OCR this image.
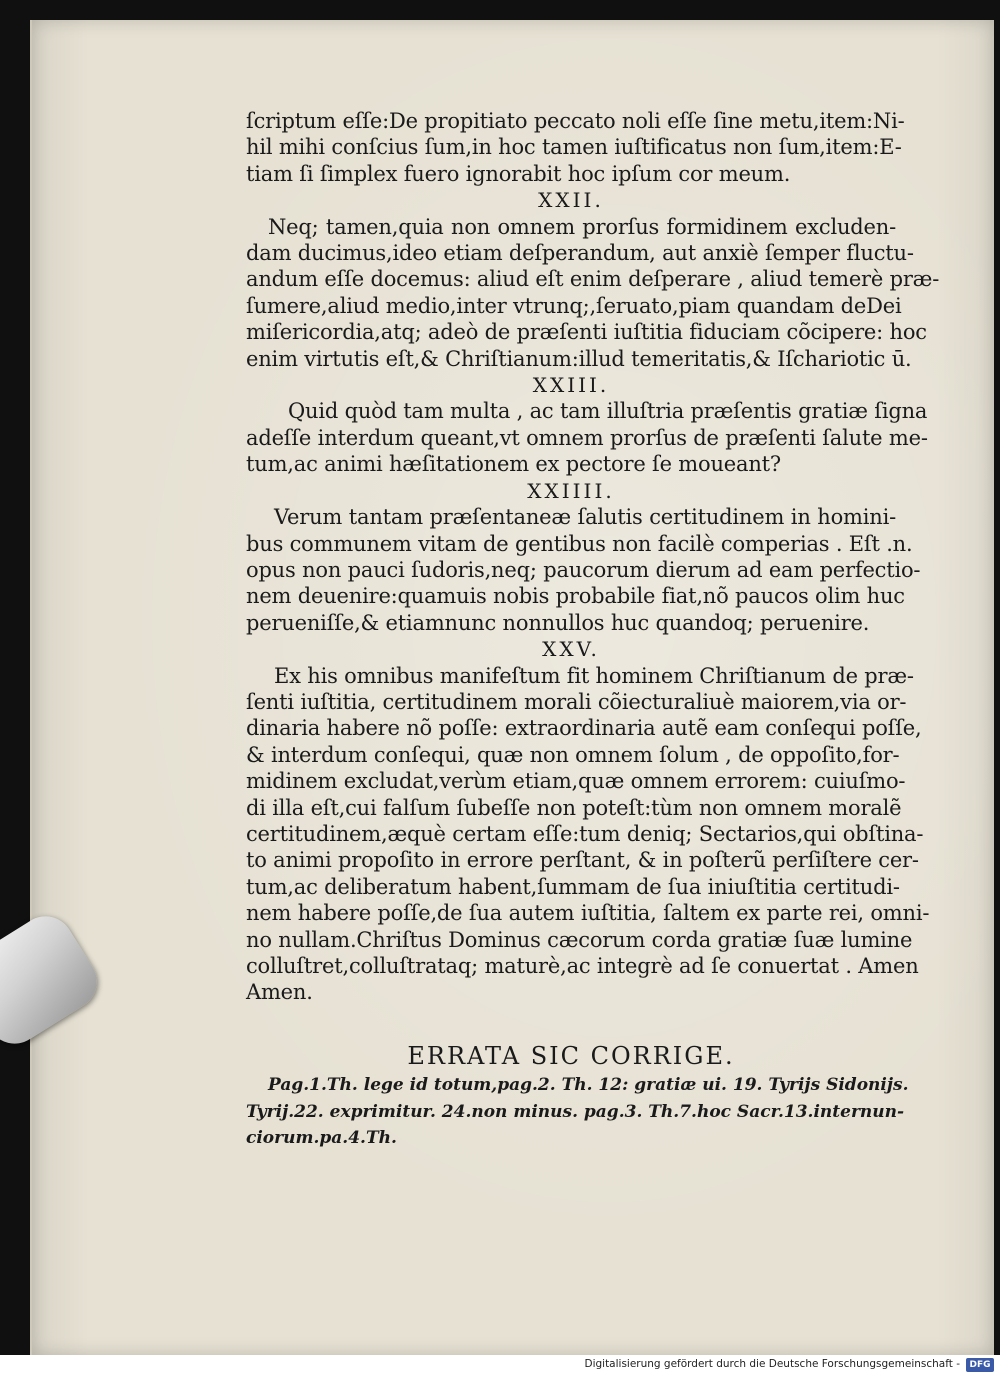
ſcriptum eſſe:De propitiato peccato noli eſſe ſine metu,item:Ni-
hil mihi conſcius ſum,in hoc tamen iuſtificatus non ſum,item:E-
tiam ſi ſimplex fuero ignorabit hoc ipſum cor meum.
XXII.
Neq; tamen,quia non omnem prorſus formidinem excluden-
dam ducimus,ideo etiam deſperandum, aut anxiè ſemper fluctu-
andum eſſe docemus: aliud eſt enim deſperare , aliud temerè præ-
ſumere,aliud medio,inter vtrunq;,ſeruato,piam quandam deDei
miſericordia,atq; adeò de præſenti iuſtitia fiduciam cõcipere: hoc
enim virtutis eſt,& Chriſtianum:illud temeritatis,& Iſchariotic ū.
XXIII.
Quid quòd tam multa , ac tam illuſtria præſentis gratiæ ſigna
adeſſe interdum queant,vt omnem prorſus de præſenti ſalute me-
tum,ac animi hæſitationem ex pectore ſe moueant?
XXIIII.
Verum tantam præſentaneæ ſalutis certitudinem in homini-
bus communem vitam de gentibus non facilè comperias . Eſt .n.
opus non pauci ſudoris,neq; paucorum dierum ad eam perfectio-
nem deuenire:quamuis nobis probabile fiat,nõ paucos olim huc
perueniſſe,& etiamnunc nonnullos huc quandoq; peruenire.
XXV.
Ex his omnibus manifeſtum fit hominem Chriſtianum de præ-
ſenti iuſtitia, certitudinem morali cõiecturaliuè maiorem,via or-
dinaria habere nõ poſſe: extraordinaria autẽ eam conſequi poſſe,
& interdum conſequi, quæ non omnem ſolum , de oppoſito,for-
midinem excludat,verùm etiam,quæ omnem errorem: cuiuſmo-
di illa eſt,cui falſum ſubeſſe non poteſt:tùm non omnem moralẽ
certitudinem,æquè certam eſſe:tum deniq; Sectarios,qui obſtina-
to animi propoſito in errore perſtant, & in poſterũ perſiſtere cer-
tum,ac deliberatum habent,ſummam de ſua iniuſtitia certitudi-
nem habere poſſe,de ſua autem iuſtitia, ſaltem ex parte rei, omni-
no nullam.Chriſtus Dominus cæcorum corda gratiæ ſuæ lumine
colluſtret,colluſtrataq; maturè,ac integrè ad ſe conuertat . Amen
Amen.
ERRATA SIC CORRIGE.
Pag.1.Th. lege id totum,pag.2. Th. 12: gratiæ ui. 19. Tyrijs Sidonijs.
Tyrij.22. exprimitur. 24.non minus. pag.3. Th.7.hoc Sacr.13.internun-
ciorum.pa.4.Th.
Digitalisierung gefördert durch die Deutsche Forschungsgemeinschaft -	DFG
